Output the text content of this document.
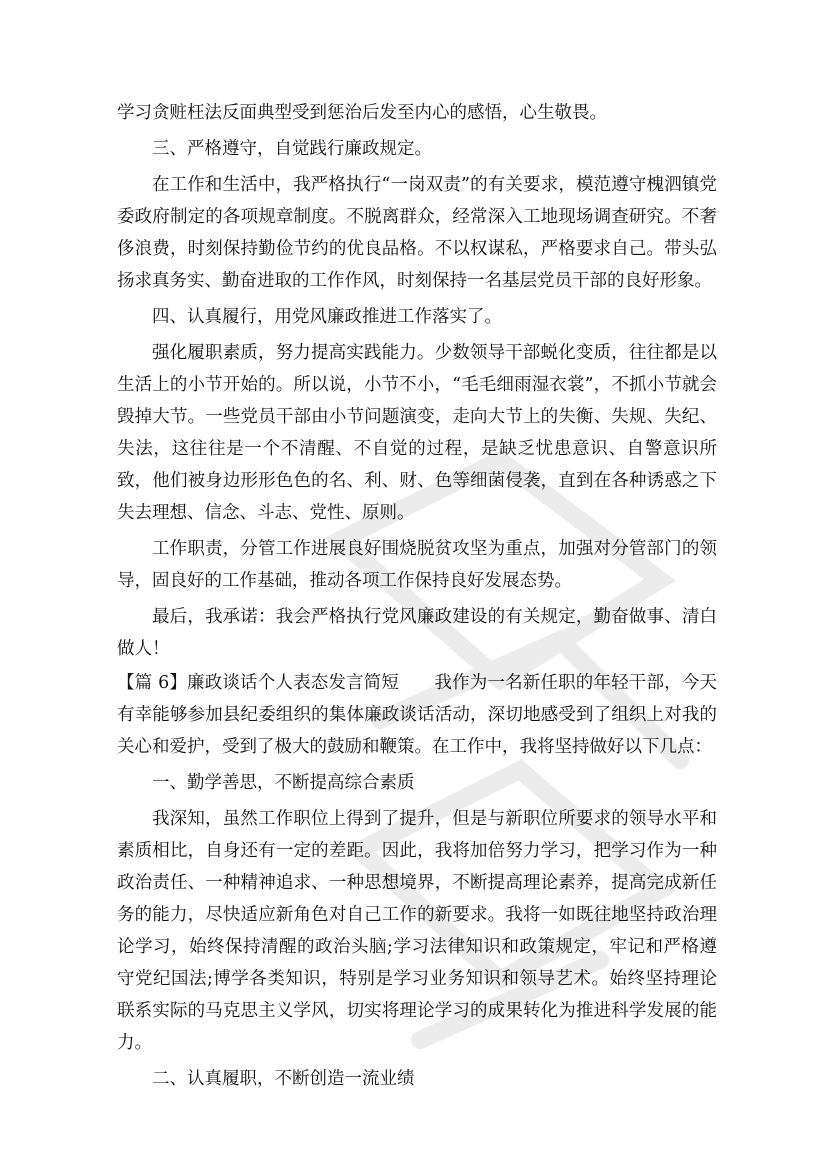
学习贪赃枉法反面典型受到惩治后发至内心的感悟，心生敬畏。

三、严格遵守，自觉践行廉政规定。

在工作和生活中，我严格执行“一岗双责”的有关要求，模范遵守槐泗镇党委政府制定的各项规章制度。不脱离群众，经常深入工地现场调查研究。不奢侈浪费，时刻保持勤俭节约的优良品格。不以权谋私，严格要求自己。带头弘扬求真务实、勤奋进取的工作作风，时刻保持一名基层党员干部的良好形象。

四、认真履行，用党风廉政推进工作落实了。

强化履职素质，努力提高实践能力。少数领导干部蜕化变质，往往都是以生活上的小节开始的。所以说，小节不小，“毛毛细雨湿衣裳”，不抓小节就会毁掉大节。一些党员干部由小节问题演变，走向大节上的失衡、失规、失纪、失法，这往往是一个不清醒、不自觉的过程，是缺乏忧患意识、自警意识所致，他们被身边形形色色的名、利、财、色等细菌侵袭，直到在各种诱惑之下失去理想、信念、斗志、党性、原则。

工作职责，分管工作进展良好围烧脱贫攻坚为重点，加强对分管部门的领导，固良好的工作基础，推动各项工作保持良好发展态势。

最后，我承诺：我会严格执行党风廉政建设的有关规定，勤奋做事、清白做人！

【篇 6】廉政谈话个人表态发言简短　　我作为一名新任职的年轻干部，今天有幸能够参加县纪委组织的集体廉政谈话活动，深切地感受到了组织上对我的关心和爱护，受到了极大的鼓励和鞭策。在工作中，我将坚持做好以下几点：

一、勤学善思，不断提高综合素质

我深知，虽然工作职位上得到了提升，但是与新职位所要求的领导水平和素质相比，自身还有一定的差距。因此，我将加倍努力学习，把学习作为一种政治责任、一种精神追求、一种思想境界，不断提高理论素养，提高完成新任务的能力，尽快适应新角色对自己工作的新要求。我将一如既往地坚持政治理论学习，始终保持清醒的政治头脑;学习法律知识和政策规定，牢记和严格遵守党纪国法;博学各类知识，特别是学习业务知识和领导艺术。始终坚持理论联系实际的马克思主义学风，切实将理论学习的成果转化为推进科学发展的能力。

二、认真履职，不断创造一流业绩
